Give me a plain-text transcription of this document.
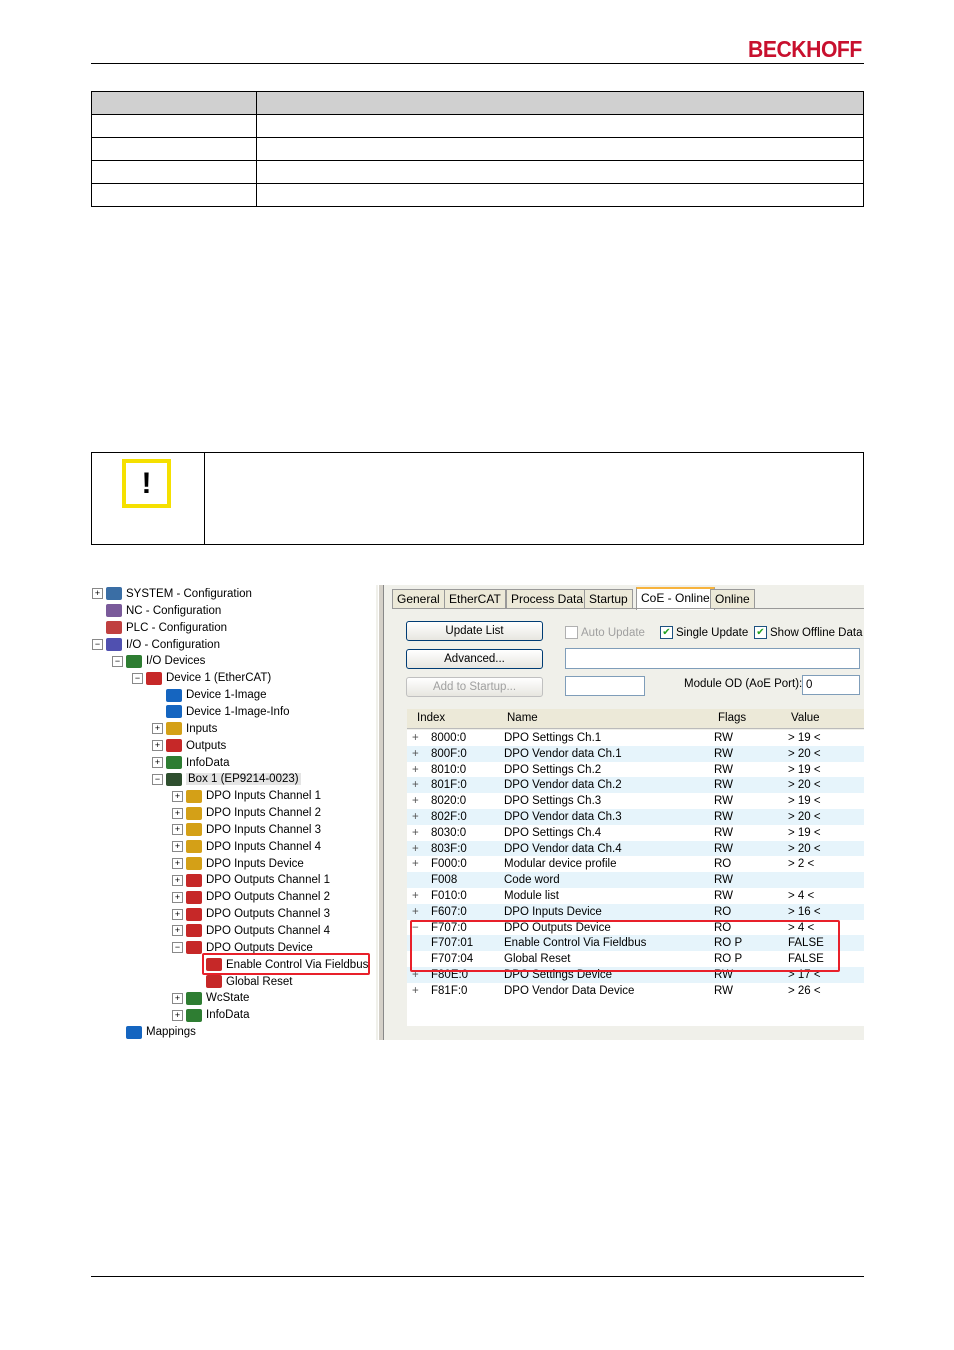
BECKHOFF

!
+ SYSTEM - Configuration
NC - Configuration
PLC - Configuration
− I/O - Configuration
− I/O Devices
− Device 1 (EtherCAT)
Device 1-Image
Device 1-Image-Info
+ Inputs
+ Outputs
+ InfoData
− Box 1 (EP9214-0023)
+ DPO Inputs Channel 1
+ DPO Inputs Channel 2
+ DPO Inputs Channel 3
+ DPO Inputs Channel 4
+ DPO Inputs Device
+ DPO Outputs Channel 1
+ DPO Outputs Channel 2
+ DPO Outputs Channel 3
+ DPO Outputs Channel 4
− DPO Outputs Device
Enable Control Via Fieldbus
Global Reset
+ WcState
+ InfoData
Mappings
General EtherCAT Process Data Startup	CoE - Online Online
Update List
Advanced...
Add to Startup...
Auto Update ✔ Single Update ✔ Show Offline Data
Module OD (AoE Port): 0
Index	Name	Flags	Value
+ 8000:0	DPO Settings Ch.1	RW	> 19 <
+ 800F:0	DPO Vendor data Ch.1	RW	> 20 <
+ 8010:0	DPO Settings Ch.2	RW	> 19 <
+ 801F:0	DPO Vendor data Ch.2	RW	> 20 <
+ 8020:0	DPO Settings Ch.3	RW	> 19 <
+ 802F:0	DPO Vendor data Ch.3	RW	> 20 <
+ 8030:0	DPO Settings Ch.4	RW	> 19 <
+ 803F:0	DPO Vendor data Ch.4	RW	> 20 <
+ F000:0	Modular device profile	RO	> 2 <
F008	Code word	RW
+ F010:0	Module list	RW	> 4 <
+ F607:0	DPO Inputs Device	RO	> 16 <
− F707:0	DPO Outputs Device	RO	> 4 <
F707:01	Enable Control Via Fieldbus	RO P	FALSE
F707:04	Global Reset	RO P	FALSE
+ F80E:0	DPO Settings Device	RW	> 17 <
+ F81F:0	DPO Vendor Data Device	RW	> 26 <
